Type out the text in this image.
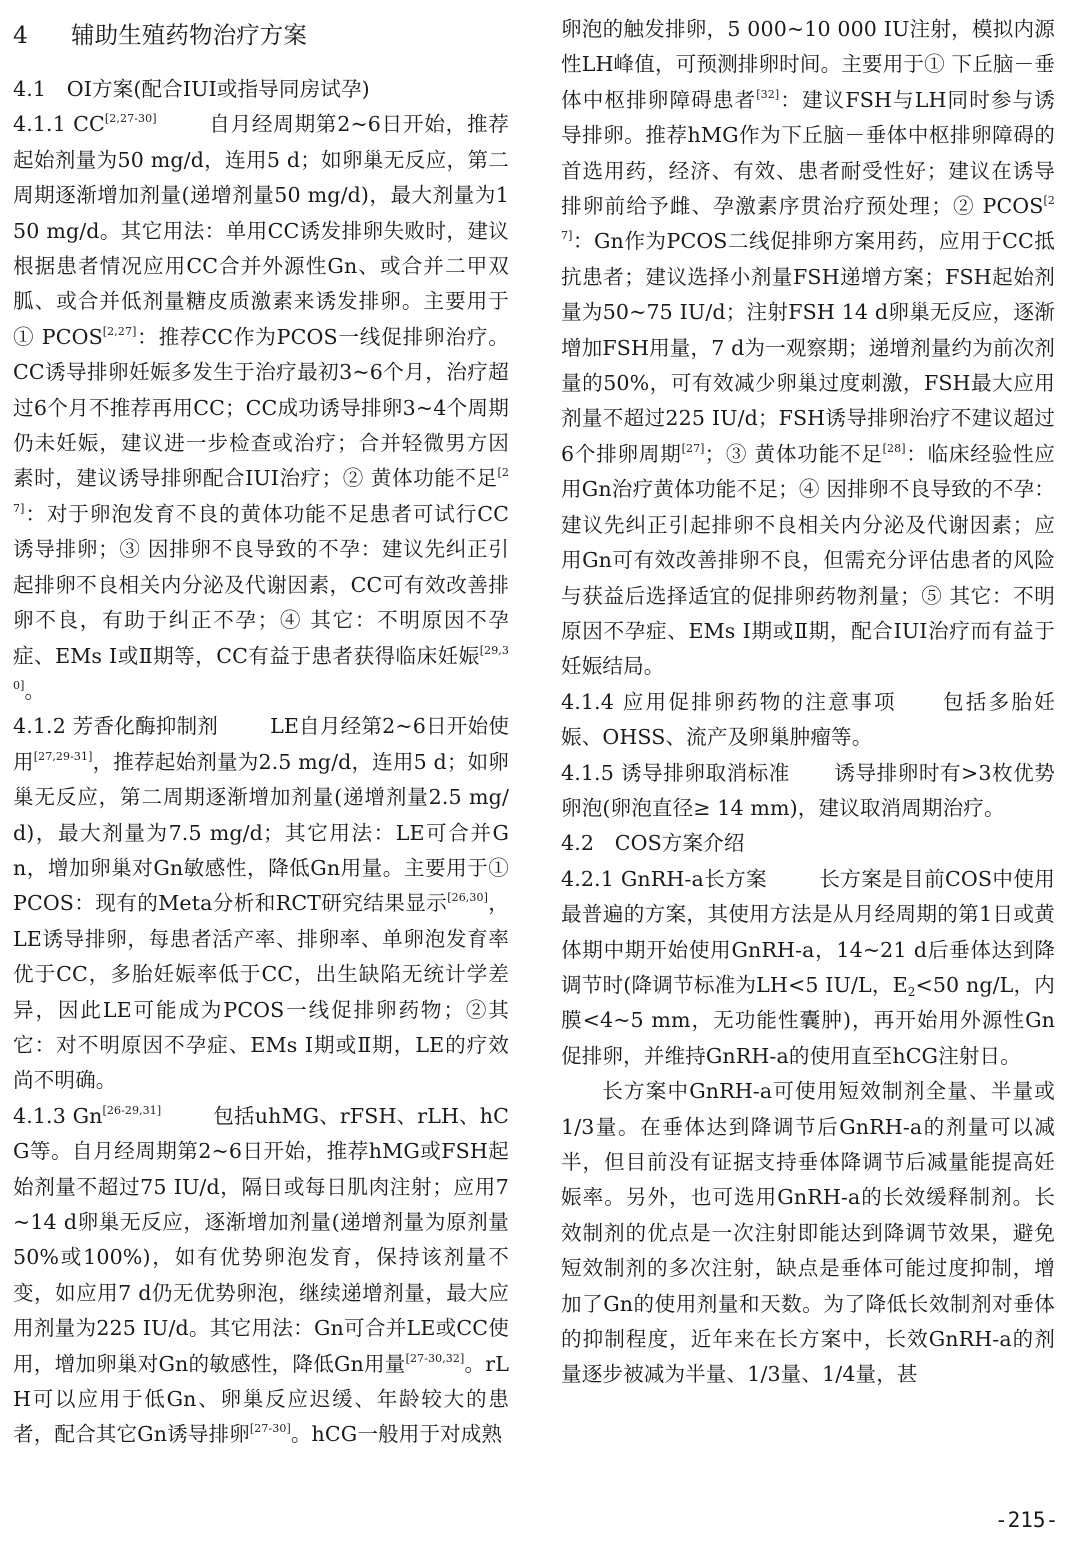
4 辅助生殖药物治疗方案

4.1　OI方案(配合IUI或指导同房试孕)

4.1.1 CC[2,27-30]	自月经周期第2~6日开始，推荐起始剂量为50 mg/d，连用5 d；如卵巢无反应，第二周期逐渐增加剂量(递增剂量50 mg/d)，最大剂量为150 mg/d。其它用法：单用CC诱发排卵失败时，建议根据患者情况应用CC合并外源性Gn、或合并二甲双胍、或合并低剂量糖皮质激素来诱发排卵。主要用于① PCOS[2,27]：推荐CC作为PCOS一线促排卵治疗。CC诱导排卵妊娠多发生于治疗最初3~6个月，治疗超过6个月不推荐再用CC；CC成功诱导排卵3~4个周期仍未妊娠，建议进一步检查或治疗；合并轻微男方因素时，建议诱导排卵配合IUI治疗；② 黄体功能不足[27]：对于卵泡发育不良的黄体功能不足患者可试行CC诱导排卵；③ 因排卵不良导致的不孕：建议先纠正引起排卵不良相关内分泌及代谢因素，CC可有效改善排卵不良，有助于纠正不孕；④ 其它：不明原因不孕症、EMs Ⅰ或Ⅱ期等，CC有益于患者获得临床妊娠[29,30]。

4.1.2 芳香化酶抑制剂	LE自月经第2~6日开始使用[27,29-31]，推荐起始剂量为2.5 mg/d，连用5 d；如卵巢无反应，第二周期逐渐增加剂量(递增剂量2.5 mg/d)，最大剂量为7.5 mg/d；其它用法：LE可合并Gn，增加卵巢对Gn敏感性，降低Gn用量。主要用于① PCOS：现有的Meta分析和RCT研究结果显示[26,30]，LE诱导排卵，每患者活产率、排卵率、单卵泡发育率优于CC，多胎妊娠率低于CC，出生缺陷无统计学差异，因此LE可能成为PCOS一线促排卵药物；②其它：对不明原因不孕症、EMs Ⅰ期或Ⅱ期，LE的疗效尚不明确。

4.1.3 Gn[26-29,31]	包括uhMG、rFSH、rLH、hCG等。自月经周期第2~6日开始，推荐hMG或FSH起始剂量不超过75 IU/d，隔日或每日肌肉注射；应用7~14 d卵巢无反应，逐渐增加剂量(递增剂量为原剂量50%或100%)，如有优势卵泡发育，保持该剂量不变，如应用7 d仍无优势卵泡，继续递增剂量，最大应用剂量为225 IU/d。其它用法：Gn可合并LE或CC使用，增加卵巢对Gn的敏感性，降低Gn用量[27-30,32]。rLH可以应用于低Gn、卵巢反应迟缓、年龄较大的患者，配合其它Gn诱导排卵[27-30]。hCG一般用于对成熟

卵泡的触发排卵，5 000~10 000 IU注射，模拟内源性LH峰值，可预测排卵时间。主要用于① 下丘脑－垂体中枢排卵障碍患者[32]：建议FSH与LH同时参与诱导排卵。推荐hMG作为下丘脑－垂体中枢排卵障碍的首选用药，经济、有效、患者耐受性好；建议在诱导排卵前给予雌、孕激素序贯治疗预处理；② PCOS[27]：Gn作为PCOS二线促排卵方案用药，应用于CC抵抗患者；建议选择小剂量FSH递增方案；FSH起始剂量为50~75 IU/d；注射FSH 14 d卵巢无反应，逐渐增加FSH用量，7 d为一观察期；递增剂量约为前次剂量的50%，可有效减少卵巢过度刺激，FSH最大应用剂量不超过225 IU/d；FSH诱导排卵治疗不建议超过6个排卵周期[27]；③ 黄体功能不足[28]：临床经验性应用Gn治疗黄体功能不足；④ 因排卵不良导致的不孕：建议先纠正引起排卵不良相关内分泌及代谢因素；应用Gn可有效改善排卵不良，但需充分评估患者的风险与获益后选择适宜的促排卵药物剂量；⑤ 其它：不明原因不孕症、EMs Ⅰ期或Ⅱ期，配合IUI治疗而有益于妊娠结局。

4.1.4 应用促排卵药物的注意事项 包括多胎妊娠、OHSS、流产及卵巢肿瘤等。

4.1.5 诱导排卵取消标准 诱导排卵时有>3枚优势卵泡(卵泡直径≥ 14 mm)，建议取消周期治疗。

4.2　COS方案介绍

4.2.1 GnRH-a长方案	长方案是目前COS中使用最普遍的方案，其使用方法是从月经周期的第1日或黄体期中期开始使用GnRH-a，14~21 d后垂体达到降调节时(降调节标准为LH<5 IU/L，$E_2<50$ ng/L，内膜<4~5 mm，无功能性囊肿)，再开始用外源性Gn促排卵，并维持GnRH-a的使用直至hCG注射日。

长方案中GnRH-a可使用短效制剂全量、半量或1/3量。在垂体达到降调节后GnRH-a的剂量可以减半，但目前没有证据支持垂体降调节后减量能提高妊娠率。另外，也可选用GnRH-a的长效缓释制剂。长效制剂的优点是一次注射即能达到降调节效果，避免短效制剂的多次注射，缺点是垂体可能过度抑制，增加了Gn的使用剂量和天数。为了降低长效制剂对垂体的抑制程度，近年来在长方案中，长效GnRH-a的剂量逐步被减为半量、1/3量、1/4量，甚

-215-
